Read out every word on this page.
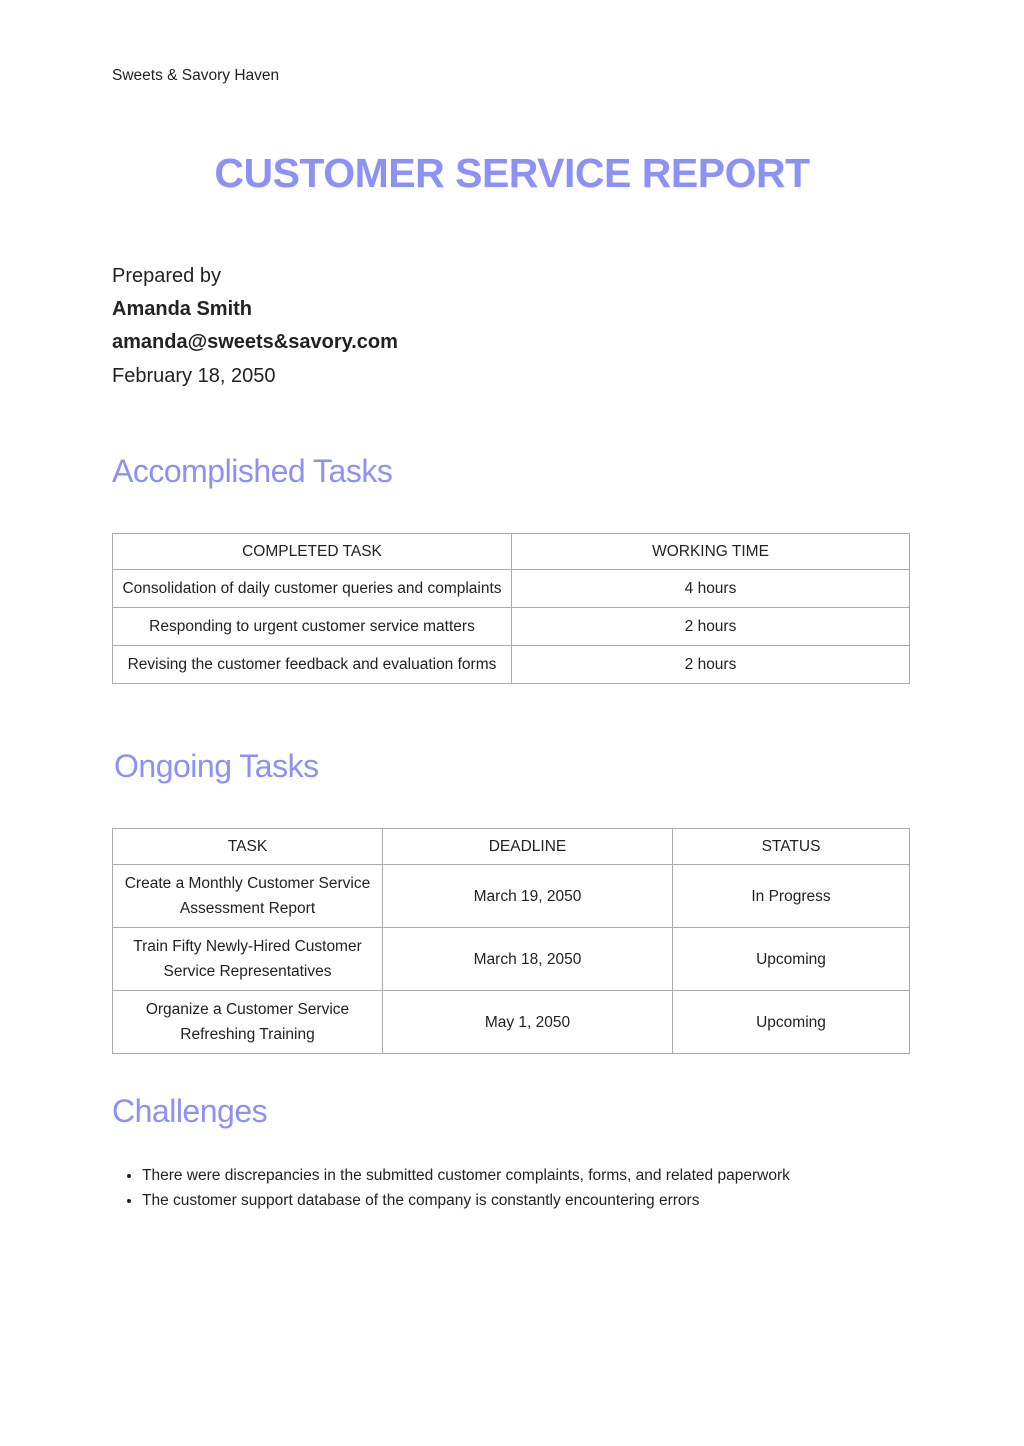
Sweets & Savory Haven
CUSTOMER SERVICE REPORT
Prepared by
Amanda Smith
amanda@sweets&savory.com
February 18, 2050
Accomplished Tasks
COMPLETED TASK	WORKING TIME
Consolidation of daily customer queries and complaints	4 hours
Responding to urgent customer service matters	2 hours
Revising the customer feedback and evaluation forms	2 hours
Ongoing Tasks
TASK	DEADLINE	STATUS
Create a Monthly Customer Service Assessment Report	March 19, 2050	In Progress
Train Fifty Newly-Hired Customer Service Representatives	March 18, 2050	Upcoming
Organize a Customer Service Refreshing Training	May 1, 2050	Upcoming
Challenges
• There were discrepancies in the submitted customer complaints, forms, and related paperwork
• The customer support database of the company is constantly encountering errors
